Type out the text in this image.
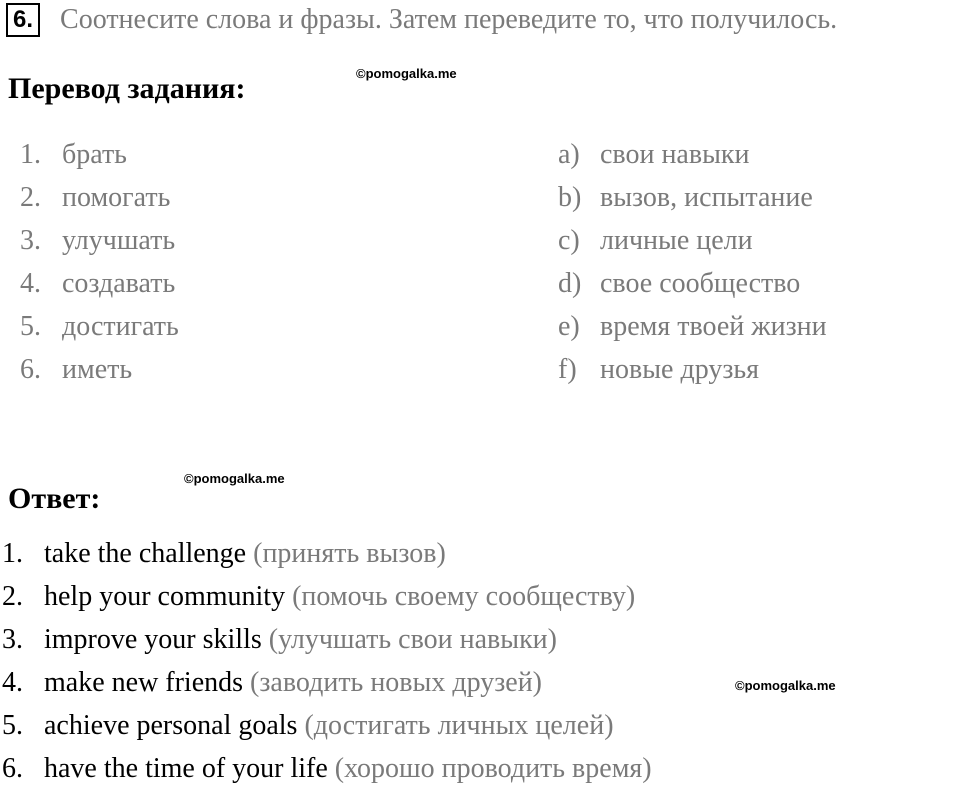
6. Соотнесите слова и фразы. Затем переведите то, что получилось.
Перевод задания:	©pomogalka.me
1. брать
2. помогать
3. улучшать
4. создавать
5. достигать
6. иметь
a) свои навыки
b) вызов, испытание
c) личные цели
d) свое сообщество
e) время твоей жизни
f) новые друзья
©pomogalka.me
Ответ:
1. take the challenge (принять вызов)
2. help your community (помочь своему сообществу)
3. improve your skills (улучшать свои навыки)
4. make new friends (заводить новых друзей)
5. achieve personal goals (достигать личных целей)
6. have the time of your life (хорошо проводить время)
©pomogalka.me
